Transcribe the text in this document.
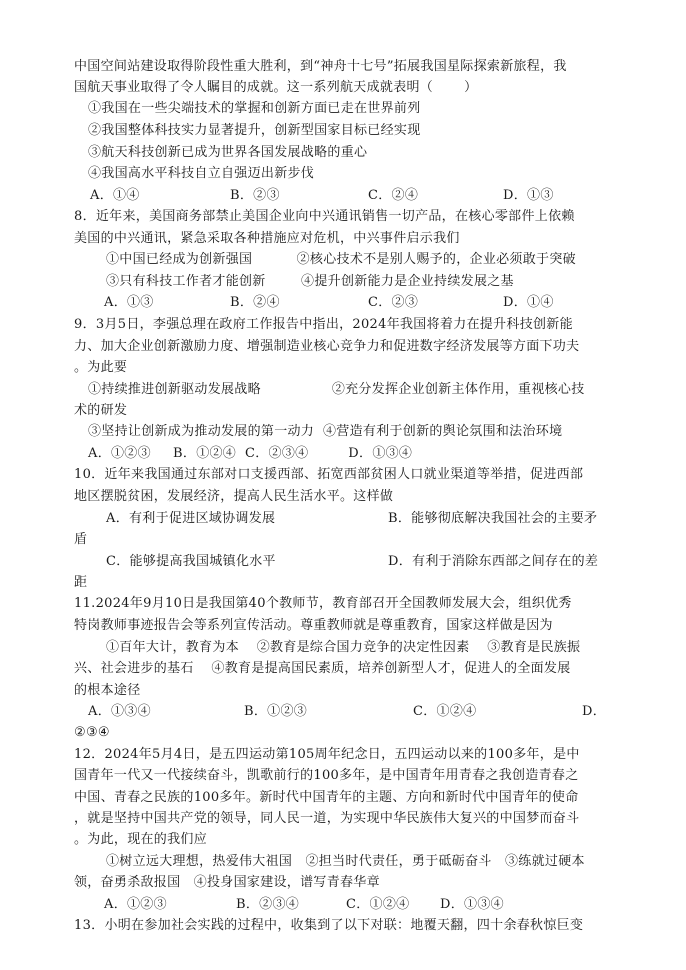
中国空间站建设取得阶段性重大胜利，到“神舟十七号”拓展我国星际探索新旅程，我
国航天事业取得了令人瞩目的成就。这一系列航天成就表明（       ）
①我国在一些尖端技术的掌握和创新方面已走在世界前列
②我国整体科技实力显著提升，创新型国家目标已经实现
③航天科技创新已成为世界各国发展战略的重心
④我国高水平科技自立自强迈出新步伐
A．①④	B．②③	C．②④	D．①③
8．近年来，美国商务部禁止美国企业向中兴通讯销售一切产品，在核心零部件上依赖
美国的中兴通讯，紧急采取各种措施应对危机，中兴事件启示我们
①中国已经成为创新强国          ②核心技术不是别人赐予的，企业必须敢于突破
③只有科技工作者才能创新        ④提升创新能力是企业持续发展之基
A．①③	B．②④	C．②③	D．①④
9．3月5日，李强总理在政府工作报告中指出，2024年我国将着力在提升科技创新能
力、加大企业创新激励力度、增强制造业核心竞争力和促进数字经济发展等方面下功夫
。为此要
①持续推进创新驱动发展战略                ②充分发挥企业创新主体作用，重视核心技
术的研发
③坚持让创新成为推动发展的第一动力  ④营造有利于创新的舆论氛围和法治环境
A．①②③     B．①②④  C．②③④         D．①③④
10．近年来我国通过东部对口支援西部、拓宽西部贫困人口就业渠道等举措，促进西部
地区摆脱贫困，发展经济，提高人民生活水平。这样做
A．有利于促进区域协调发展	B．能够彻底解决我国社会的主要矛
盾
C．能够提高我国城镇化水平	D．有利于消除东西部之间存在的差
距
11.2024年9月10日是我国第40个教师节，教育部召开全国教师发展大会，组织优秀
特岗教师事迹报告会等系列宣传活动。尊重教师就是尊重教育，国家这样做是因为
①百年大计，教育为本    ②教育是综合国力竞争的决定性因素    ③教育是民族振
兴、社会进步的基石    ④教育是提高国民素质，培养创新型人才，促进人的全面发展
的根本途径
A．①③④	B．①②③	C．①②④	D．
②③④
12．2024年5月4日，是五四运动第105周年纪念日，五四运动以来的100多年，是中
国青年一代又一代接续奋斗，凯歌前行的100多年，是中国青年用青春之我创造青春之
中国、青春之民族的100多年。新时代中国青年的主题、方向和新时代中国青年的使命
，就是坚持中国共产党的领导，同人民一道，为实现中华民族伟大复兴的中国梦而奋斗
。为此，现在的我们应
①树立远大理想，热爱伟大祖国   ②担当时代责任，勇于砥砺奋斗   ③练就过硬本
领，奋勇杀敌报国   ④投身国家建设，谱写青春华章
A．①②③	B．②③④	C．①②④ D．①③④
13．小明在参加社会实践的过程中，收集到了以下对联：地覆天翻，四十余春秋惊巨变
